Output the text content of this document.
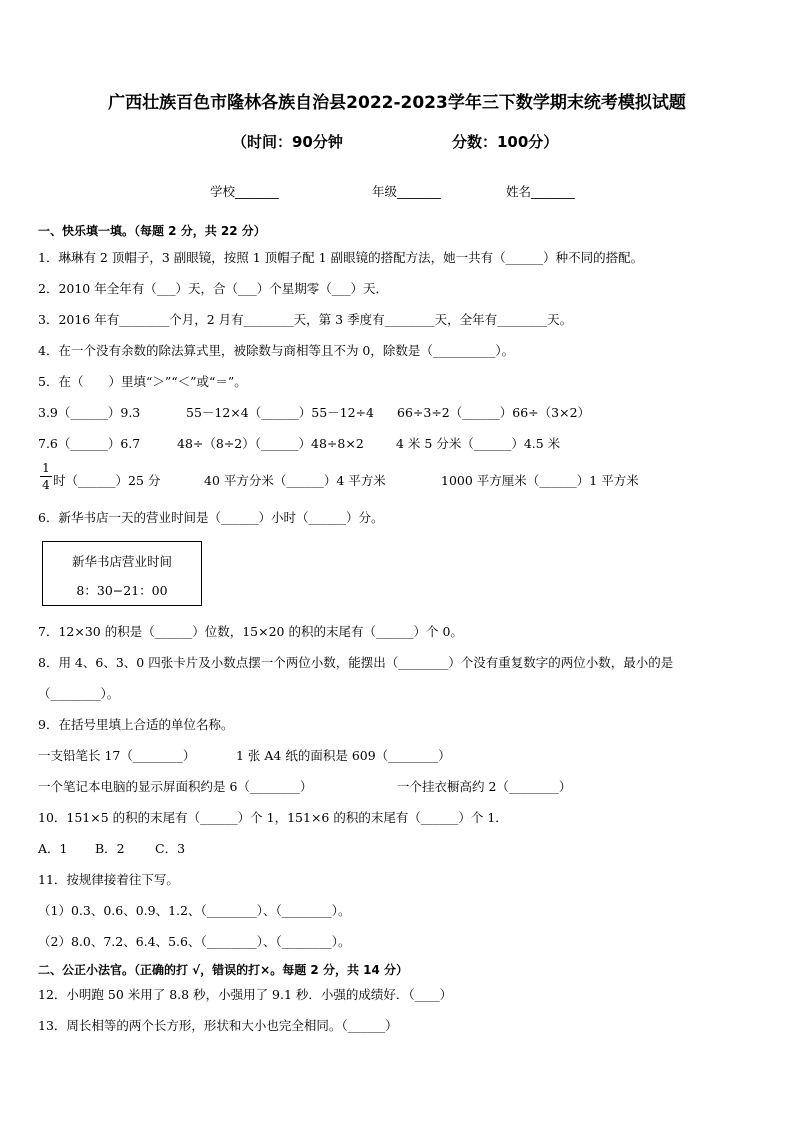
广西壮族百色市隆林各族自治县2022-2023学年三下数学期末统考模拟试题
（时间：90分钟	分数：100分）
学校_______	年级_______	姓名_______
一、快乐填一填。（每题 2 分，共 22 分）
1．琳琳有 2 顶帽子，3 副眼镜，按照 1 顶帽子配 1 副眼镜的搭配方法，她一共有（______）种不同的搭配。
2．2010 年全年有（___）天，合（___）个星期零（___）天．
3．2016 年有________个月，2 月有________天，第 3 季度有________天，全年有________天。
4．在一个没有余数的除法算式里，被除数与商相等且不为 0，除数是（__________）。
5．在（　　）里填“＞”“＜”或“＝”。
3.9（______）9.3	55－12×4（______）55－12÷4 66÷3÷2（______）66÷（3×2）
7.6（______）6.7	48÷（8÷2）（______）48÷8×2	4 米 5 分米（______）4.5 米
1
4 时（______）25 分	40 平方分米（______）4 平方米	1000 平方厘米（______）1 平方米
6．新华书店一天的营业时间是（______）小时（______）分。
新华书店营业时间
8：30−21：00
7．12×30 的积是（______）位数，15×20 的积的末尾有（______）个 0。
8．用 4、6、3、0 四张卡片及小数点摆一个两位小数，能摆出（________）个没有重复数字的两位小数，最小的是
（________）。
9．在括号里填上合适的单位名称。
一支铅笔长 17（________）	1 张 A4 纸的面积是 609（________）
一个笔记本电脑的显示屏面积约是 6（________）	一个挂衣橱高约 2（________）
10．151×5 的积的末尾有（______）个 1，151×6 的积的末尾有（______）个 1．
A．1 B．2 C．3
11．按规律接着往下写。
（1）0.3、0.6、0.9、1.2、（________）、（________）。
（2）8.0、7.2、6.4、5.6、（________）、（________）。
二、公正小法官。（正确的打 √，错误的打×。每题 2 分，共 14 分）
12．小明跑 50 米用了 8.8 秒，小强用了 9.1 秒．小强的成绩好．（____）
13．周长相等的两个长方形，形状和大小也完全相同。（______）
